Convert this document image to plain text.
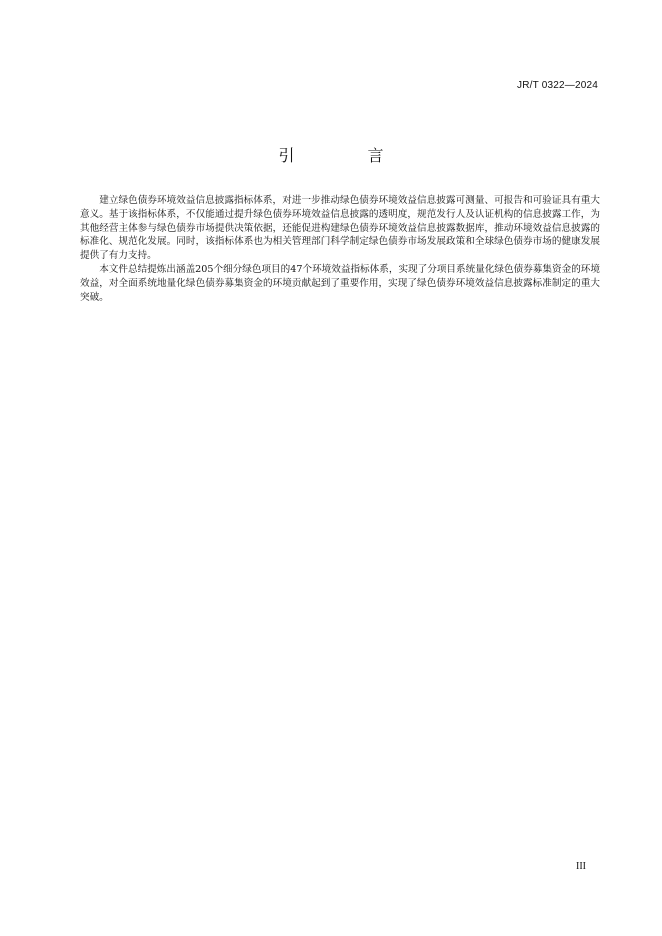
JR/T 0322—2024
引 言

建立绿色债券环境效益信息披露指标体系，对进一步推动绿色债券环境效益信息披露可测量、可报告和可验证具有重大意义。基于该指标体系，不仅能通过提升绿色债券环境效益信息披露的透明度，规范发行人及认证机构的信息披露工作，为其他经营主体参与绿色债券市场提供决策依据，还能促进构建绿色债券环境效益信息披露数据库，推动环境效益信息披露的标准化、规范化发展。同时，该指标体系也为相关管理部门科学制定绿色债券市场发展政策和全球绿色债券市场的健康发展提供了有力支持。

本文件总结提炼出涵盖205个细分绿色项目的47个环境效益指标体系，实现了分项目系统量化绿色债券募集资金的环境效益，对全面系统地量化绿色债券募集资金的环境贡献起到了重要作用，实现了绿色债券环境效益信息披露标准制定的重大突破。

III
